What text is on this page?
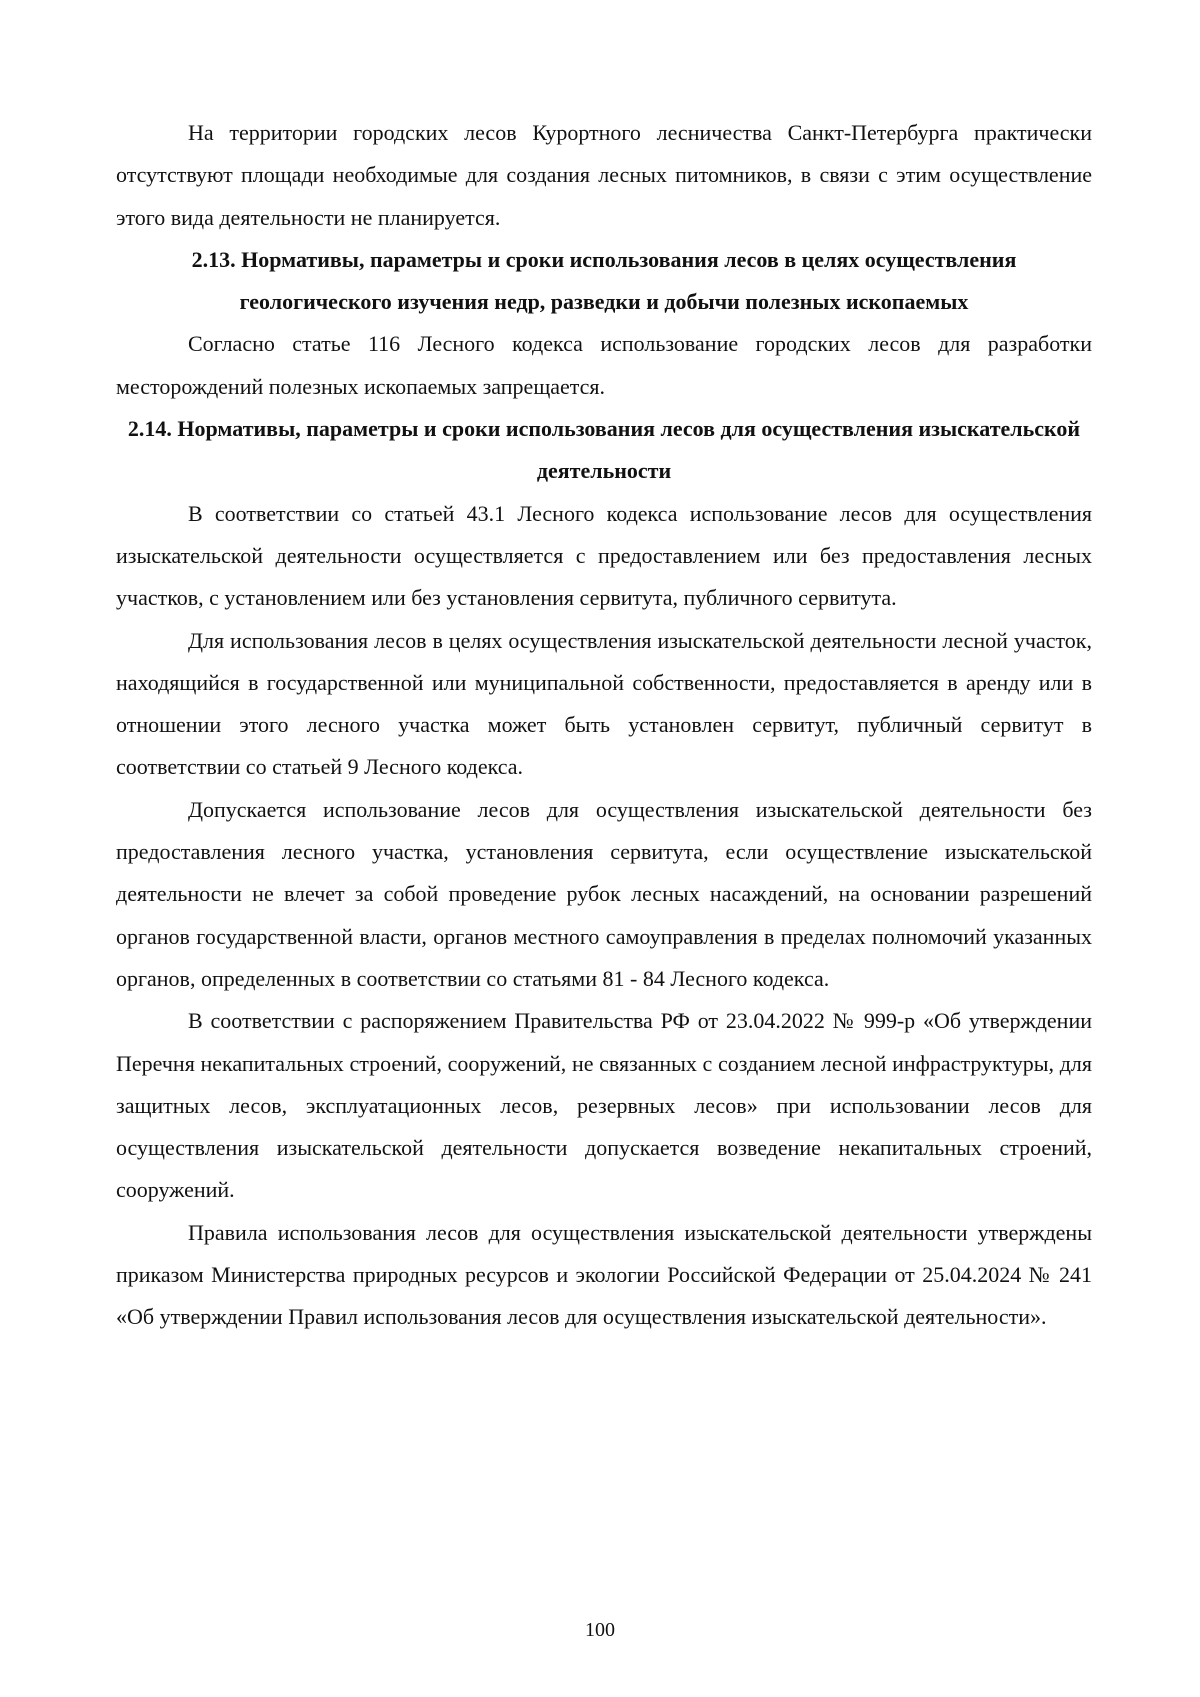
На территории городских лесов Курортного лесничества Санкт-Петербурга практически отсутствуют площади необходимые для создания лесных питомников, в связи с этим осуществление этого вида деятельности не планируется.

2.13. Нормативы, параметры и сроки использования лесов в целях осуществления геологического изучения недр, разведки и добычи полезных ископаемых

Согласно статье 116 Лесного кодекса использование городских лесов для разработки месторождений полезных ископаемых запрещается.

2.14. Нормативы, параметры и сроки использования лесов для осуществления изыскательской деятельности

В соответствии со статьей 43.1 Лесного кодекса использование лесов для осуществления изыскательской деятельности осуществляется с предоставлением или без предоставления лесных участков, с установлением или без установления сервитута, публичного сервитута.

Для использования лесов в целях осуществления изыскательской деятельности лесной участок, находящийся в государственной или муниципальной собственности, предоставляется в аренду или в отношении этого лесного участка может быть установлен сервитут, публичный сервитут в соответствии со статьей 9 Лесного кодекса.

Допускается использование лесов для осуществления изыскательской деятельности без предоставления лесного участка, установления сервитута, если осуществление изыскательской деятельности не влечет за собой проведение рубок лесных насаждений, на основании разрешений органов государственной власти, органов местного самоуправления в пределах полномочий указанных органов, определенных в соответствии со статьями 81 - 84 Лесного кодекса.

В соответствии с распоряжением Правительства РФ от 23.04.2022 № 999-р «Об утверждении Перечня некапитальных строений, сооружений, не связанных с созданием лесной инфраструктуры, для защитных лесов, эксплуатационных лесов, резервных лесов» при использовании лесов для осуществления изыскательской деятельности допускается возведение некапитальных строений, сооружений.

Правила использования лесов для осуществления изыскательской деятельности утверждены приказом Министерства природных ресурсов и экологии Российской Федерации от 25.04.2024 № 241 «Об утверждении Правил использования лесов для осуществления изыскательской деятельности».

100
